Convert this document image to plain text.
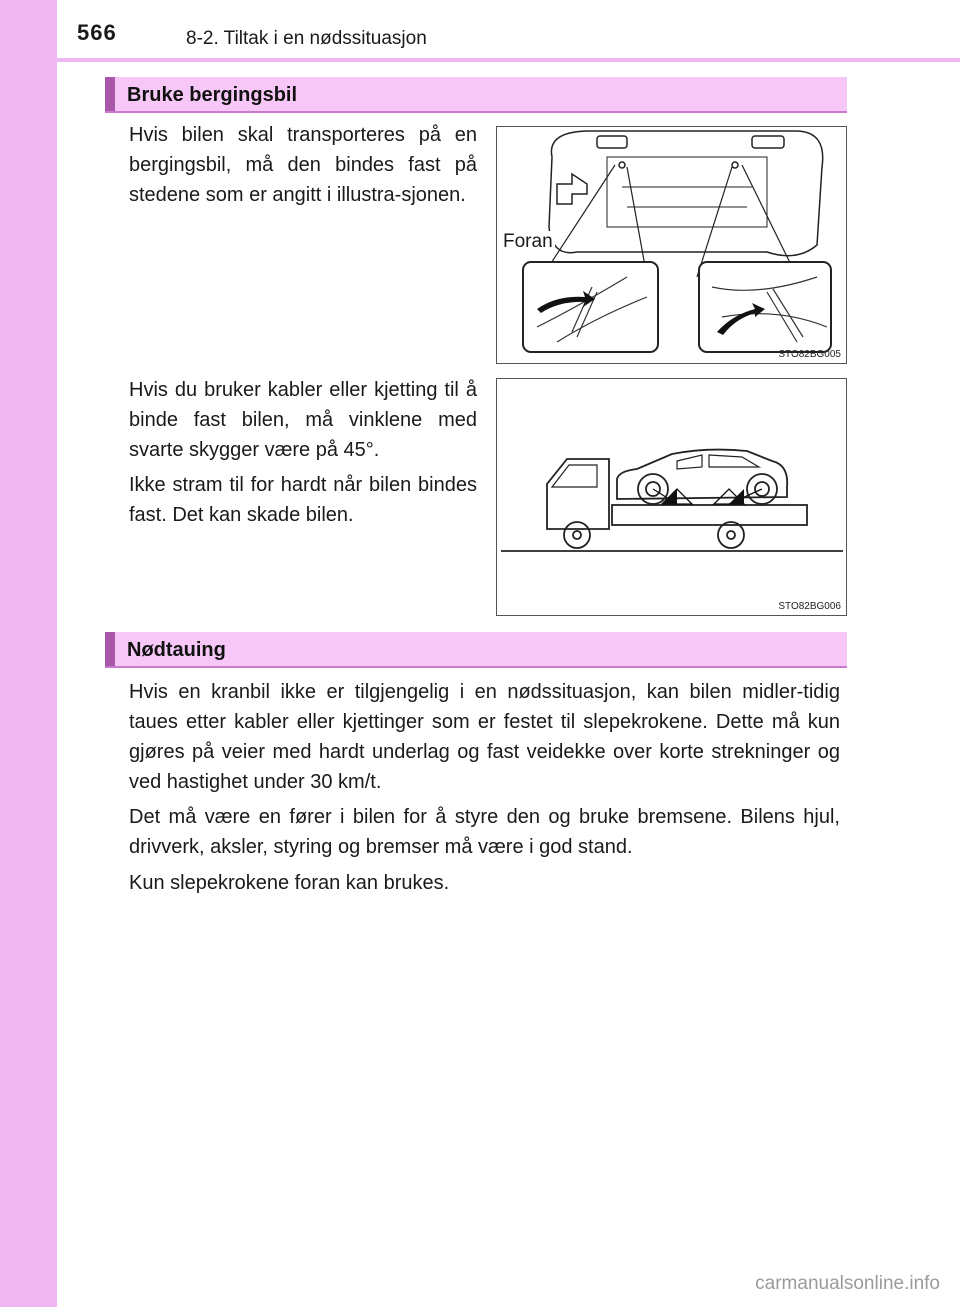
566	8-2. Tiltak i en nødssituasjon
Bruke bergingsbil

Hvis bilen skal transporteres på en bergingsbil, må den bindes fast på stedene som er angitt i illustra-sjonen.

Foran
STO82BG005

Hvis du bruker kabler eller kjetting til å binde fast bilen, må vinklene med svarte skygger være på 45°.

Ikke stram til for hardt når bilen bindes fast. Det kan skade bilen.

STO82BG006
Nødtauing

Hvis en kranbil ikke er tilgjengelig i en nødssituasjon, kan bilen midler-tidig taues etter kabler eller kjettinger som er festet til slepekrokene. Dette må kun gjøres på veier med hardt underlag og fast veidekke over korte strekninger og ved hastighet under 30 km/t.

Det må være en fører i bilen for å styre den og bruke bremsene. Bilens hjul, drivverk, aksler, styring og bremser må være i god stand.

Kun slepekrokene foran kan brukes.

carmanualsonline.info
